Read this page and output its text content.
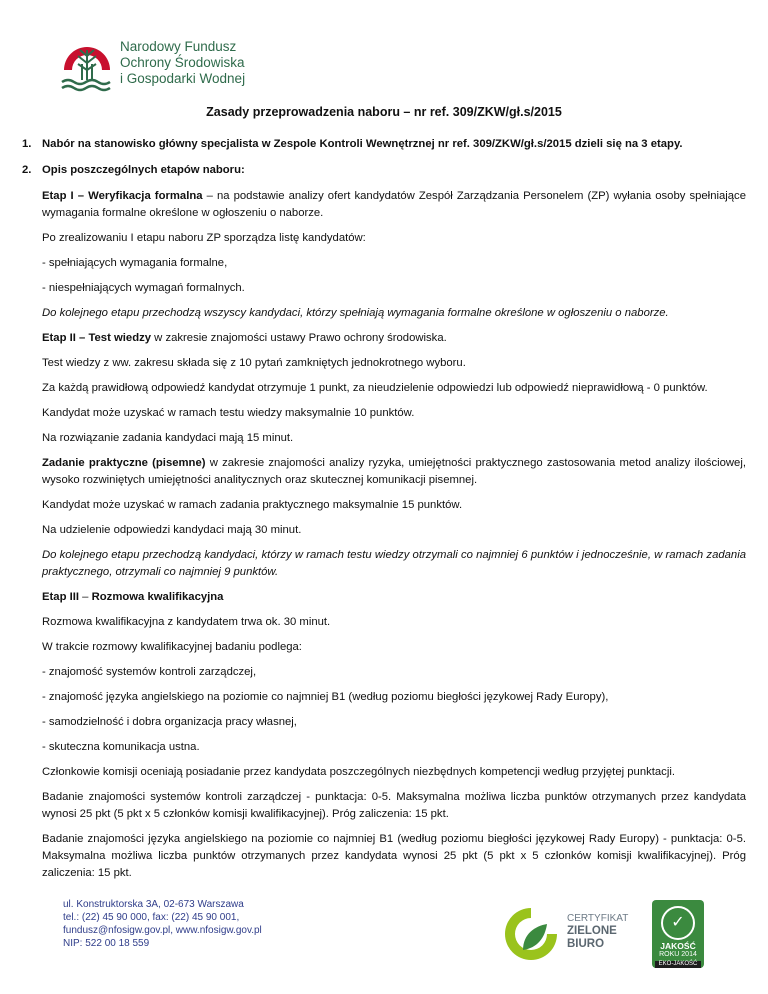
Narodowy Fundusz
Ochrony Środowiska
i Gospodarki Wodnej
Zasady przeprowadzenia naboru – nr ref. 309/ZKW/gł.s/2015
1. Nabór na stanowisko główny specjalista w Zespole Kontroli Wewnętrznej nr ref. 309/ZKW/gł.s/2015 dzieli się na 3 etapy.
2. Opis poszczególnych etapów naboru:

Etap I – Weryfikacja formalna – na podstawie analizy ofert kandydatów Zespół Zarządzania Personelem (ZP) wyłania osoby spełniające wymagania formalne określone w ogłoszeniu o naborze.

Po zrealizowaniu I etapu naboru ZP sporządza listę kandydatów:

- spełniających wymagania formalne,

- niespełniających wymagań formalnych.

Do kolejnego etapu przechodzą wszyscy kandydaci, którzy spełniają wymagania formalne określone w ogłoszeniu o naborze.

Etap II – Test wiedzy w zakresie znajomości ustawy Prawo ochrony środowiska.

Test wiedzy z ww. zakresu składa się z 10 pytań zamkniętych jednokrotnego wyboru.

Za każdą prawidłową odpowiedź kandydat otrzymuje 1 punkt, za nieudzielenie odpowiedzi lub odpowiedź nieprawidłową - 0 punktów.

Kandydat może uzyskać w ramach testu wiedzy maksymalnie 10 punktów.

Na rozwiązanie zadania kandydaci mają 15 minut.

Zadanie praktyczne (pisemne) w zakresie znajomości analizy ryzyka, umiejętności praktycznego zastosowania metod analizy ilościowej, wysoko rozwiniętych umiejętności analitycznych oraz skutecznej komunikacji pisemnej.

Kandydat może uzyskać w ramach zadania praktycznego maksymalnie 15 punktów.

Na udzielenie odpowiedzi kandydaci mają 30 minut.

Do kolejnego etapu przechodzą kandydaci, którzy w ramach testu wiedzy otrzymali co najmniej 6 punktów i jednocześnie, w ramach zadania praktycznego, otrzymali co najmniej 9 punktów.

Etap III – Rozmowa kwalifikacyjna

Rozmowa kwalifikacyjna z kandydatem trwa ok. 30 minut.

W trakcie rozmowy kwalifikacyjnej badaniu podlega:

- znajomość systemów kontroli zarządczej,

- znajomość języka angielskiego na poziomie co najmniej B1 (według poziomu biegłości językowej Rady Europy),

- samodzielność i dobra organizacja pracy własnej,

- skuteczna komunikacja ustna.

Członkowie komisji oceniają posiadanie przez kandydata poszczególnych niezbędnych kompetencji według przyjętej punktacji.

Badanie znajomości systemów kontroli zarządczej - punktacja: 0-5. Maksymalna możliwa liczba punktów otrzymanych przez kandydata wynosi 25 pkt (5 pkt x 5 członków komisji kwalifikacyjnej). Próg zaliczenia: 15 pkt.

Badanie znajomości języka angielskiego na poziomie co najmniej B1 (według poziomu biegłości językowej Rady Europy) - punktacja: 0-5. Maksymalna możliwa liczba punktów otrzymanych przez kandydata wynosi 25 pkt (5 pkt x 5 członków komisji kwalifikacyjnej). Próg zaliczenia: 15 pkt.

ul. Konstruktorska 3A, 02-673 Warszawa
tel.: (22) 45 90 000, fax: (22) 45 90 001,
fundusz@nfosigw.gov.pl, www.nfosigw.gov.pl
NIP: 522 00 18 559
CERTYFIKAT
ZIELONE
BIURO
✓
JAKOŚĆ
ROKU 2014
EKO-JAKOŚĆ
